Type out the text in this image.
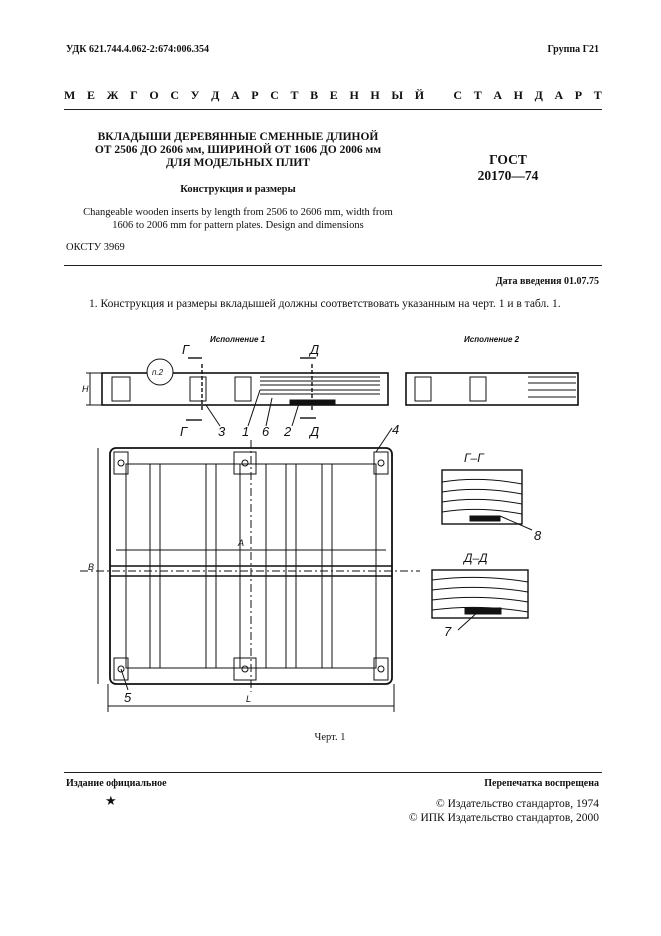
УДК 621.744.4.062-2:674:006.354	Группа Г21
М Е Ж Г О С У Д А Р С Т В Е Н Н Ы Й
С Т А Н Д А Р Т
ВКЛАДЫШИ ДЕРЕВЯННЫЕ СМЕННЫЕ ДЛИНОЙ
ОТ 2506 ДО 2606 мм, ШИРИНОЙ ОТ 1606 ДО 2006 мм
ДЛЯ МОДЕЛЬНЫХ ПЛИТ	ГОСТ
20170—74
Конструкция и размеры
Changeable wooden inserts by length from 2506 to 2606 mm, width from
1606 to 2006 mm for pattern plates. Design and dimensions
ОКСТУ 3969
Дата введения 01.07.75
1. Конструкция и размеры вкладышей должны соответствовать указанным на черт. 1 и в табл. 1.
Исполнение 1	Исполнение 2
п.2
Г
Г
Д
Д
H
A
B
L
Г–Г
Д–Д
3 1 6 2	4
5
7
8
Черт. 1
Издание официальное	Перепечатка воспрещена
★	© Издательство стандартов, 1974
© ИПК Издательство стандартов, 2000
